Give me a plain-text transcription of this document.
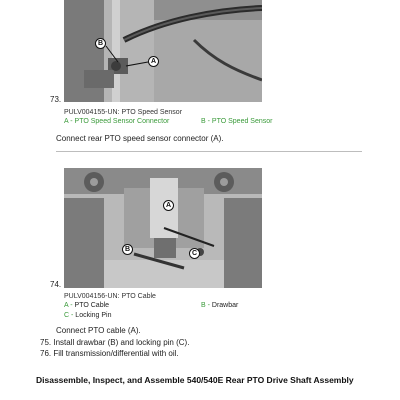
B
A
73.
PULV004155-UN: PTO Speed Sensor
A - PTO Speed Sensor Connector	B - PTO Speed Sensor
Connect rear PTO speed sensor connector (A).
A
B
C
74.
PULV004156-UN: PTO Cable
A - PTO Cable	B - Drawbar
C - Locking Pin
Connect PTO cable (A).
75. Install drawbar (B) and locking pin (C).
76. Fill transmission/differential with oil.
Disassemble, Inspect, and Assemble 540/540E Rear PTO Drive Shaft Assembly
